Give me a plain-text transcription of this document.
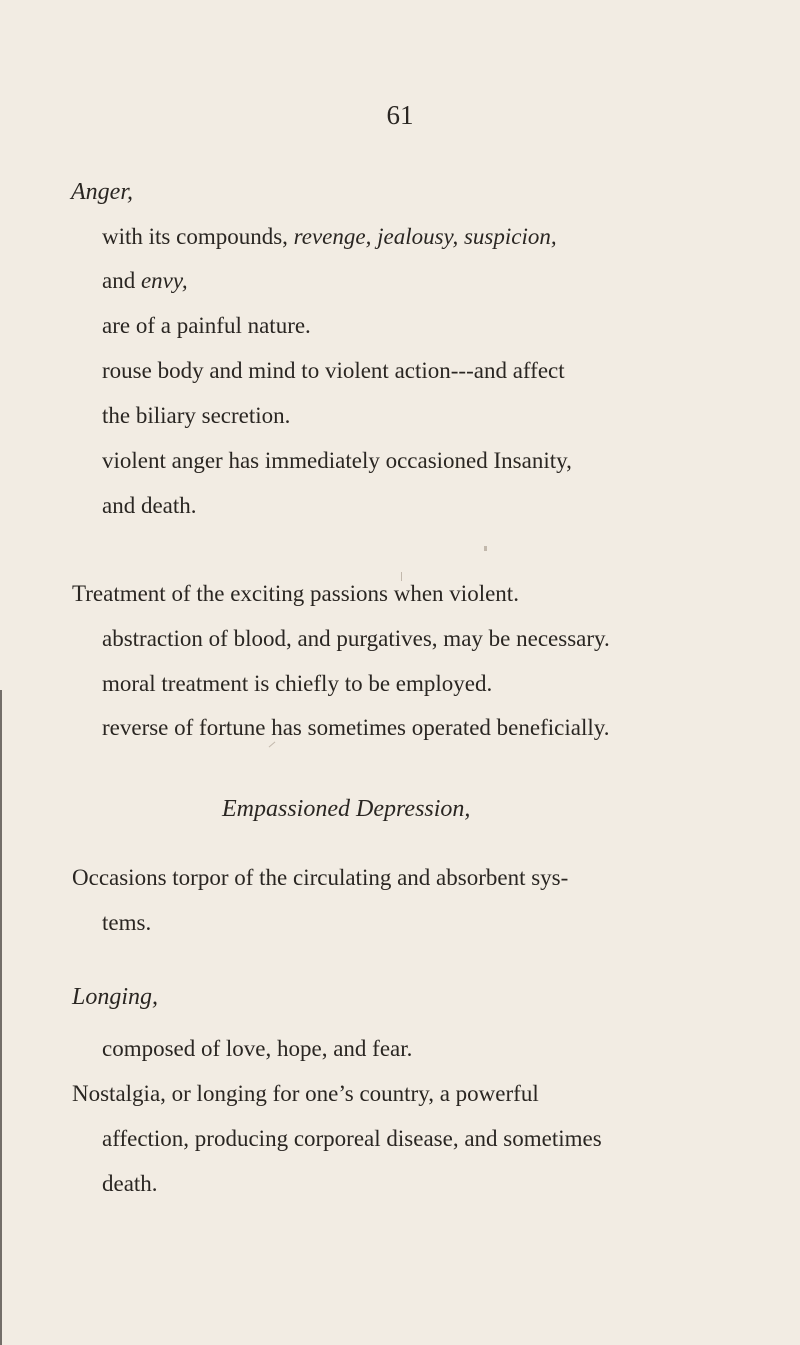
61
Anger,
with its compounds, revenge, jealousy, suspicion,
and envy,
are of a painful nature.
rouse body and mind to violent action---and affect
the biliary secretion.
violent anger has immediately occasioned Insanity,
and death.
Treatment of the exciting passions when violent.
abstraction of blood, and purgatives, may be necessary.
moral treatment is chiefly to be employed.
reverse of fortune has sometimes operated beneficially.
Empassioned Depression,
Occasions torpor of the circulating and absorbent sys-
tems.
Longing,
composed of love, hope, and fear.
Nostalgia, or longing for one’s country, a powerful
affection, producing corporeal disease, and sometimes
death.
